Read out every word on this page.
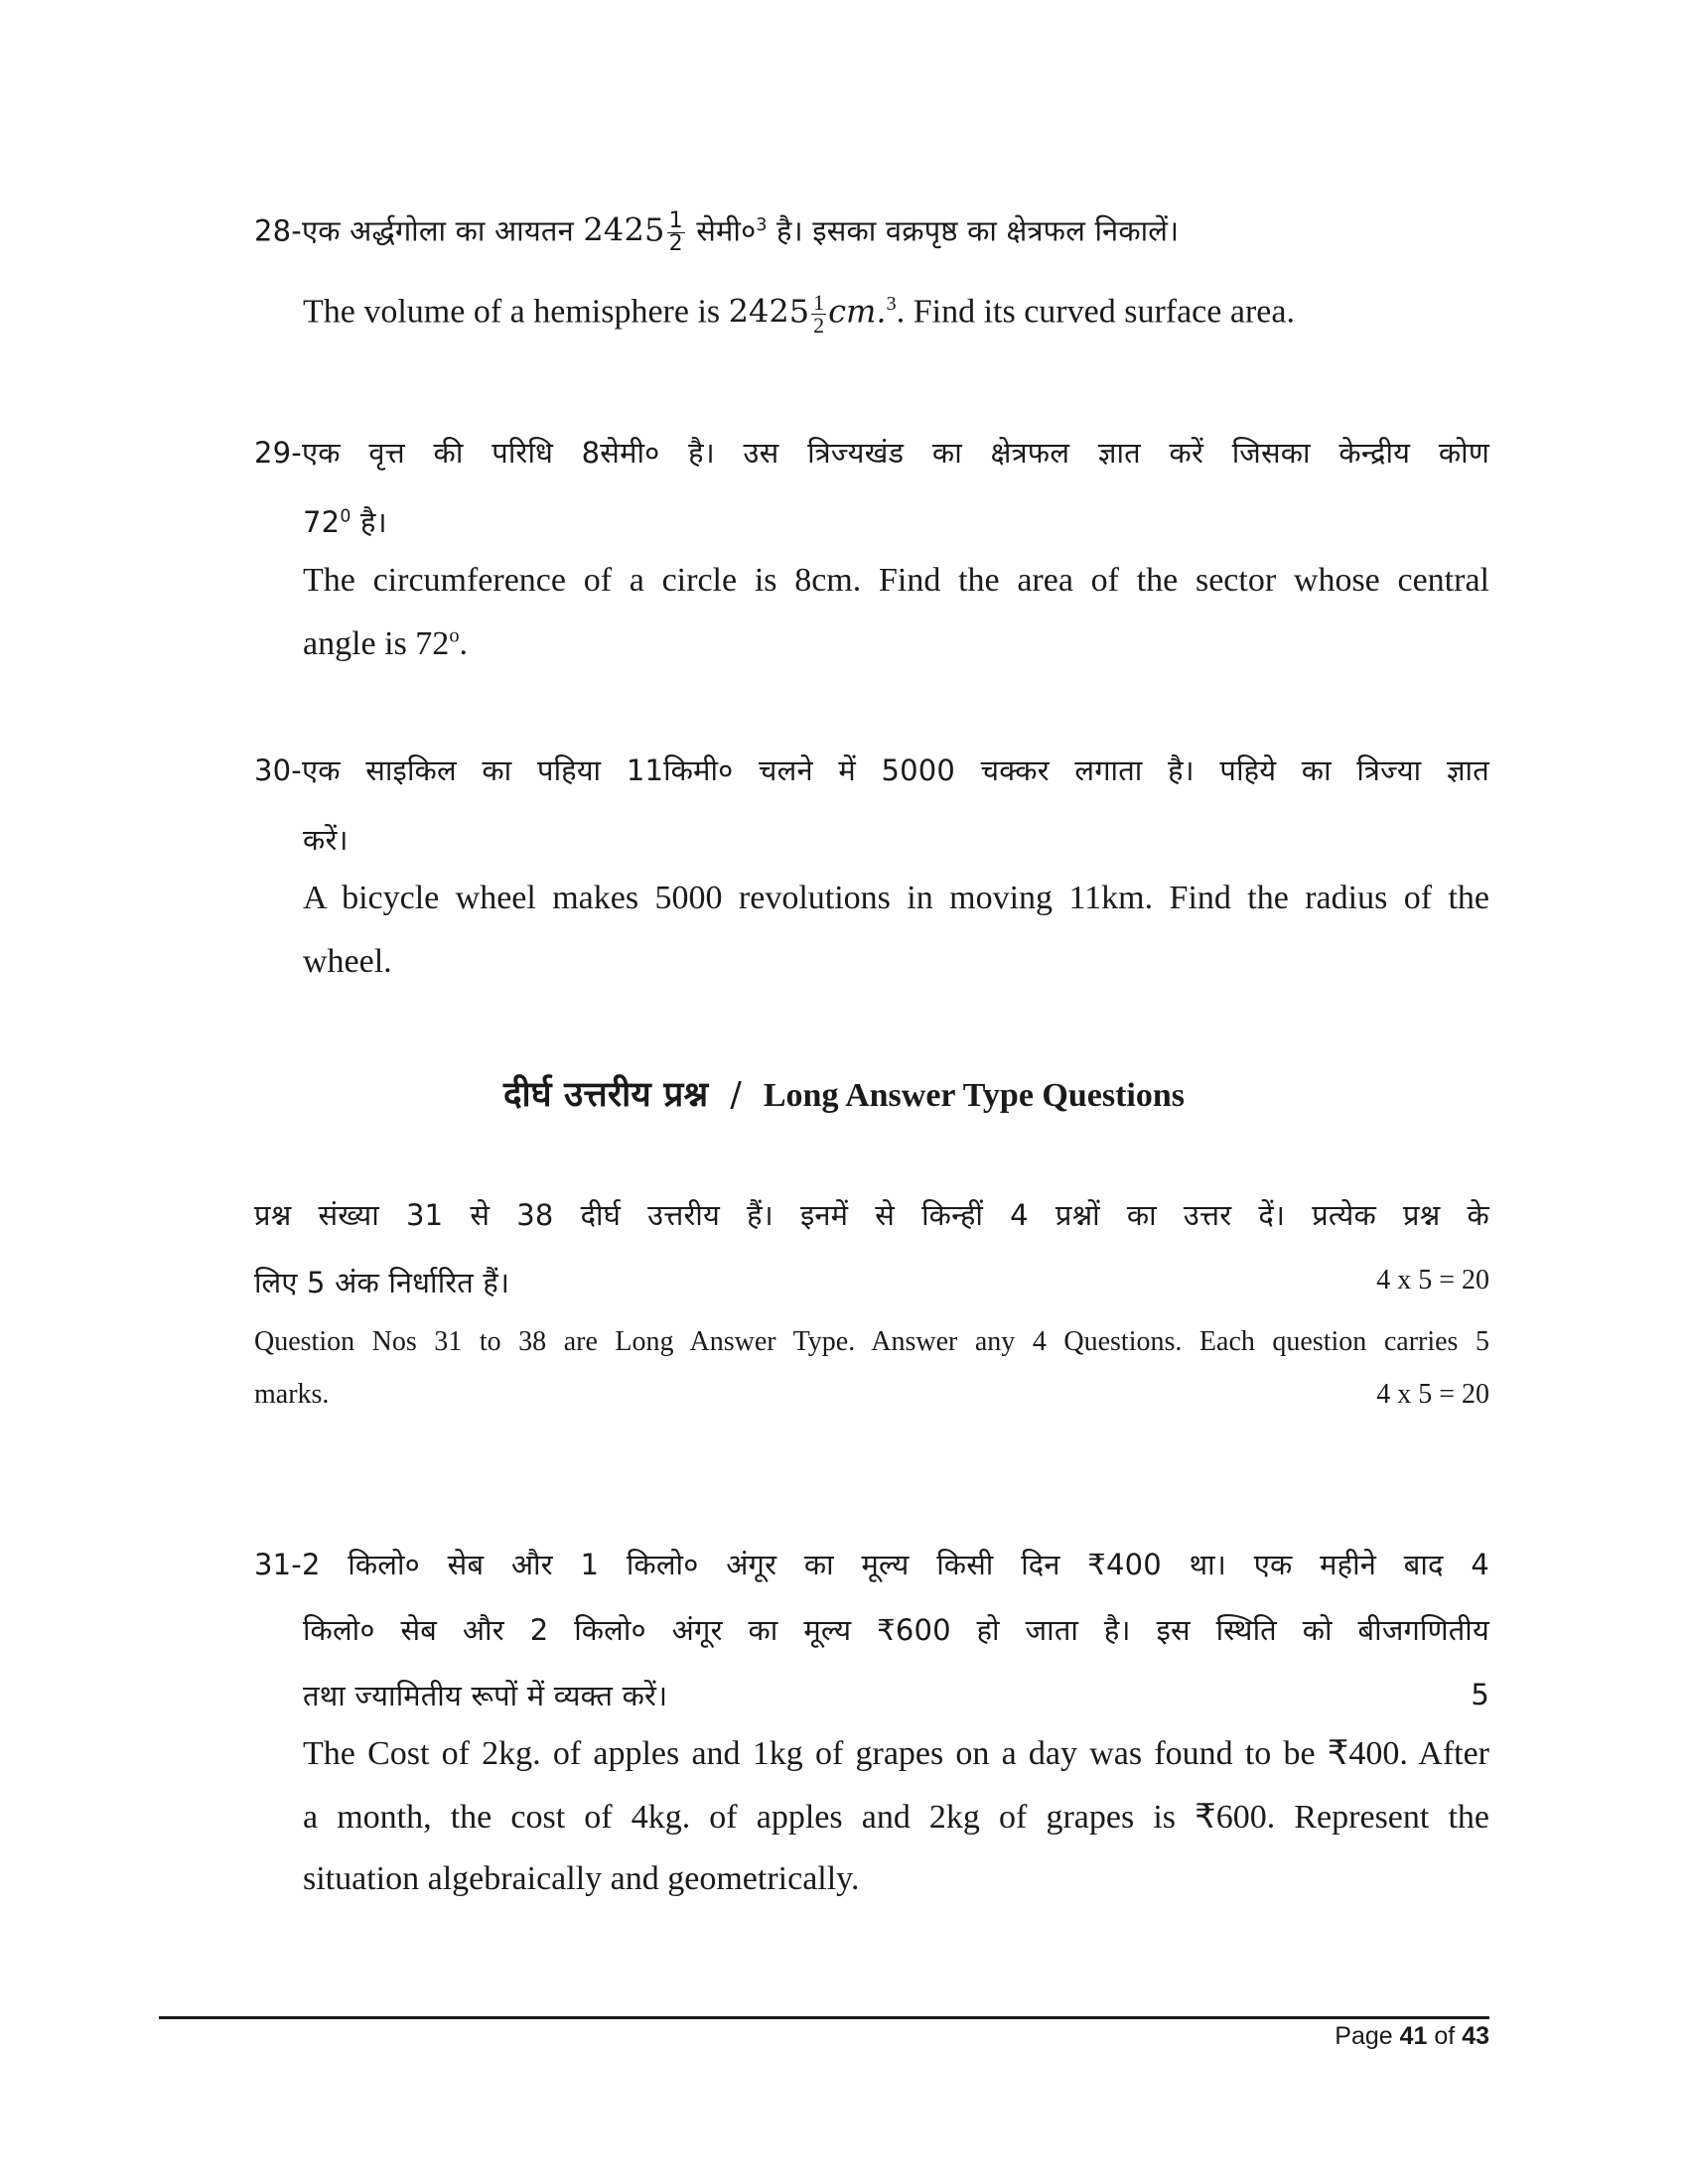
28-एक अर्द्धगोला का आयतन $2425 \frac{1}{2}$ $सेमी०^3$ है। इसका वक्रपृष्ठ का क्षेत्रफल निकालें।
The volume of a hemisphere is $2425 \frac{1}{2} cm.^3$. Find its curved surface area.
29-एक वृत्त की परिधि 8सेमी० है। उस त्रिज्यखंड का क्षेत्रफल ज्ञात करें जिसका केन्द्रीय कोण
$72^0$ है।
The circumference of a circle is 8cm. Find the area of the sector whose central
angle is 72$^o$.
30-एक साइकिल का पहिया 11किमी० चलने में 5000 चक्कर लगाता है। पहिये का त्रिज्या ज्ञात
करें।
A bicycle wheel makes 5000 revolutions in moving 11km. Find the radius of the
wheel.
दीर्घ उत्तरीय प्रश्न / Long Answer Type Questions
प्रश्न संख्या 31 से 38 दीर्घ उत्तरीय हैं। इनमें से किन्हीं 4 प्रश्नों का उत्तर दें। प्रत्येक प्रश्न के
लिए 5 अंक निर्धारित हैं।	4 x 5 = 20
Question Nos 31 to 38 are Long Answer Type. Answer any 4 Questions. Each question carries 5
marks.	4 x 5 = 20
31-2 किलो० सेब और 1 किलो० अंगूर का मूल्य किसी दिन ₹400 था। एक महीने बाद 4
किलो० सेब और 2 किलो० अंगूर का मूल्य ₹600 हो जाता है। इस स्थिति को बीजगणितीय
तथा ज्यामितीय रूपों में व्यक्त करें।	5
The Cost of 2kg. of apples and 1kg of grapes on a day was found to be ₹400. After
a month, the cost of 4kg. of apples and 2kg of grapes is ₹600. Represent the
situation algebraically and geometrically.
Page 41 of 43
